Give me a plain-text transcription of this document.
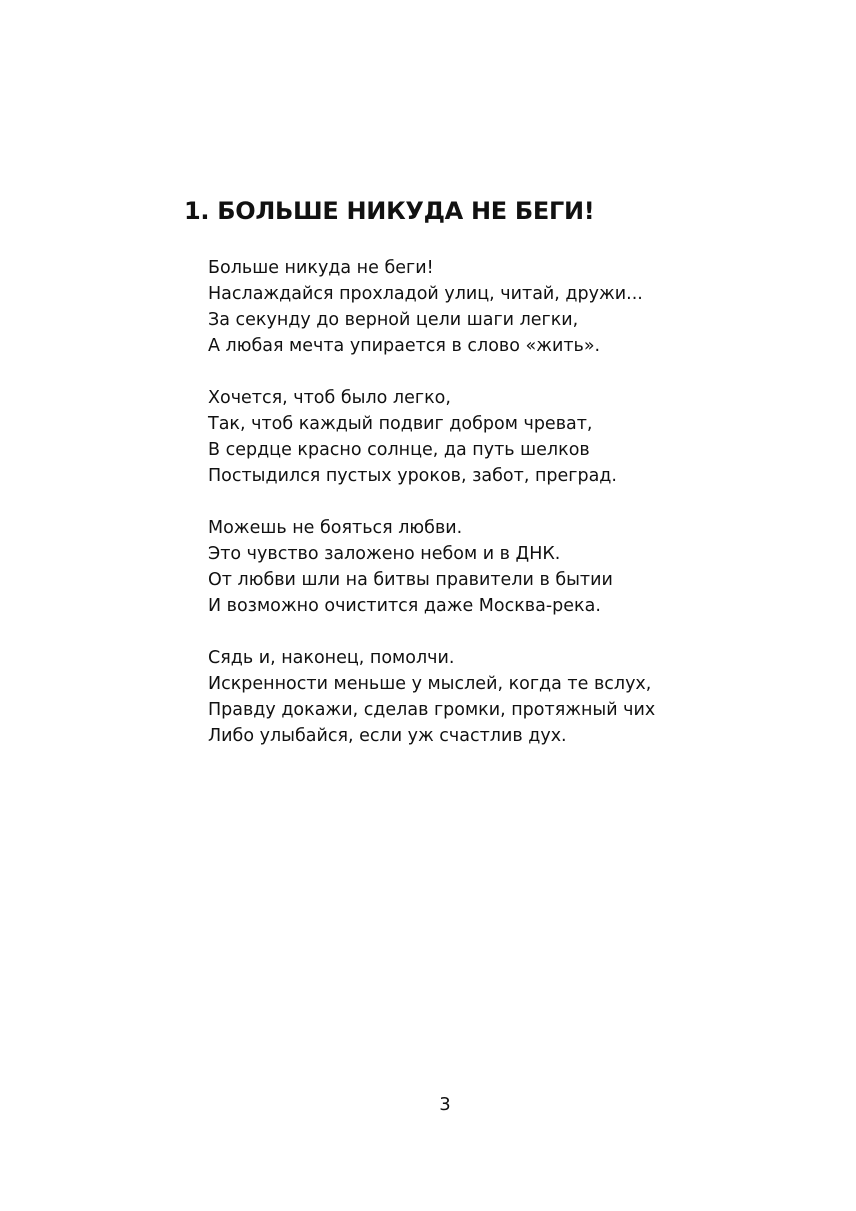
1. БОЛЬШЕ НИКУДА НЕ БЕГИ!
Больше никуда не беги!
Наслаждайся прохладой улиц, читай, дружи...
За секунду до верной цели шаги легки,
А любая мечта упирается в слово «жить».
Хочется, чтоб было легко,
Так, чтоб каждый подвиг добром чреват,
В сердце красно солнце, да путь шелков
Постыдился пустых уроков, забот, преград.
Можешь не бояться любви.
Это чувство заложено небом и в ДНК.
От любви шли на битвы правители в бытии
И возможно очистится даже Москва-река.
Сядь и, наконец, помолчи.
Искренности меньше у мыслей, когда те вслух,
Правду докажи, сделав громки, протяжный чих
Либо улыбайся, если уж счастлив дух.
3
